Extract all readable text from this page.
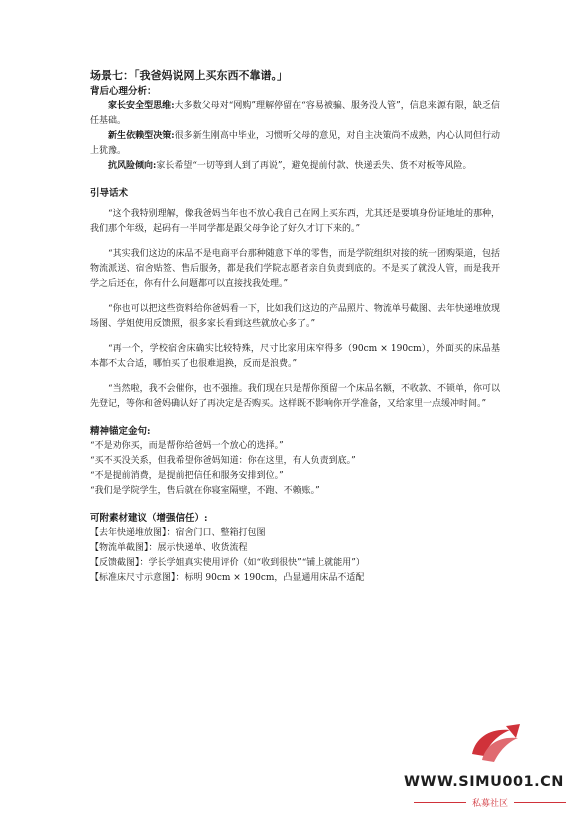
场景七：「我爸妈说网上买东西不靠谱。」

背后心理分析：

家长安全型思维:大多数父母对“网购”理解停留在“容易被骗、服务没人管”，信息来源有限，缺乏信任基础。

新生依赖型决策:很多新生刚高中毕业，习惯听父母的意见，对自主决策尚不成熟，内心认同但行动上犹豫。

抗风险倾向:家长希望“一切等到人到了再说”，避免提前付款、快递丢失、货不对板等风险。

引导话术

“这个我特别理解，像我爸妈当年也不放心我自己在网上买东西，尤其还是要填身份证地址的那种，我们那个年级，起码有一半同学都是跟父母争论了好久才订下来的。”

“其实我们这边的床品不是电商平台那种随意下单的零售，而是学院组织对接的统一团购渠道，包括物流派送、宿舍贴签、售后服务，都是我们学院志愿者亲自负责到底的。不是买了就没人管，而是我开学之后还在，你有什么问题都可以直接找我处理。”

“你也可以把这些资料给你爸妈看一下，比如我们这边的产品照片、物流单号截图、去年快递堆放现场图、学姐使用反馈照，很多家长看到这些就放心多了。”

“再一个，学校宿舍床确实比较特殊，尺寸比家用床窄得多（90cm × 190cm），外面买的床品基本都不太合适，哪怕买了也很难退换，反而是浪费。”

“当然啦，我不会催你，也不强推。我们现在只是帮你预留一个床品名额，不收款、不锁单，你可以先登记，等你和爸妈确认好了再决定是否购买。这样既不影响你开学准备，又给家里一点缓冲时间。”

精神锚定金句:

“不是劝你买，而是帮你给爸妈一个放心的选择。”

“买不买没关系，但我希望你爸妈知道：你在这里，有人负责到底。”

“不是提前消费，是提前把信任和服务安排到位。”

“我们是学院学生，售后就在你寝室隔壁，不跑、不赖账。”

可附素材建议（增强信任）:

【去年快递堆放图】：宿舍门口、整箱打包图

【物流单截图】：展示快递单、收货流程

【反馈截图】：学长学姐真实使用评价（如“收到很快”“铺上就能用”）

【标准床尺寸示意图】：标明 90cm × 190cm，凸显通用床品不适配

WWW.SIMU001.CN
私募社区
